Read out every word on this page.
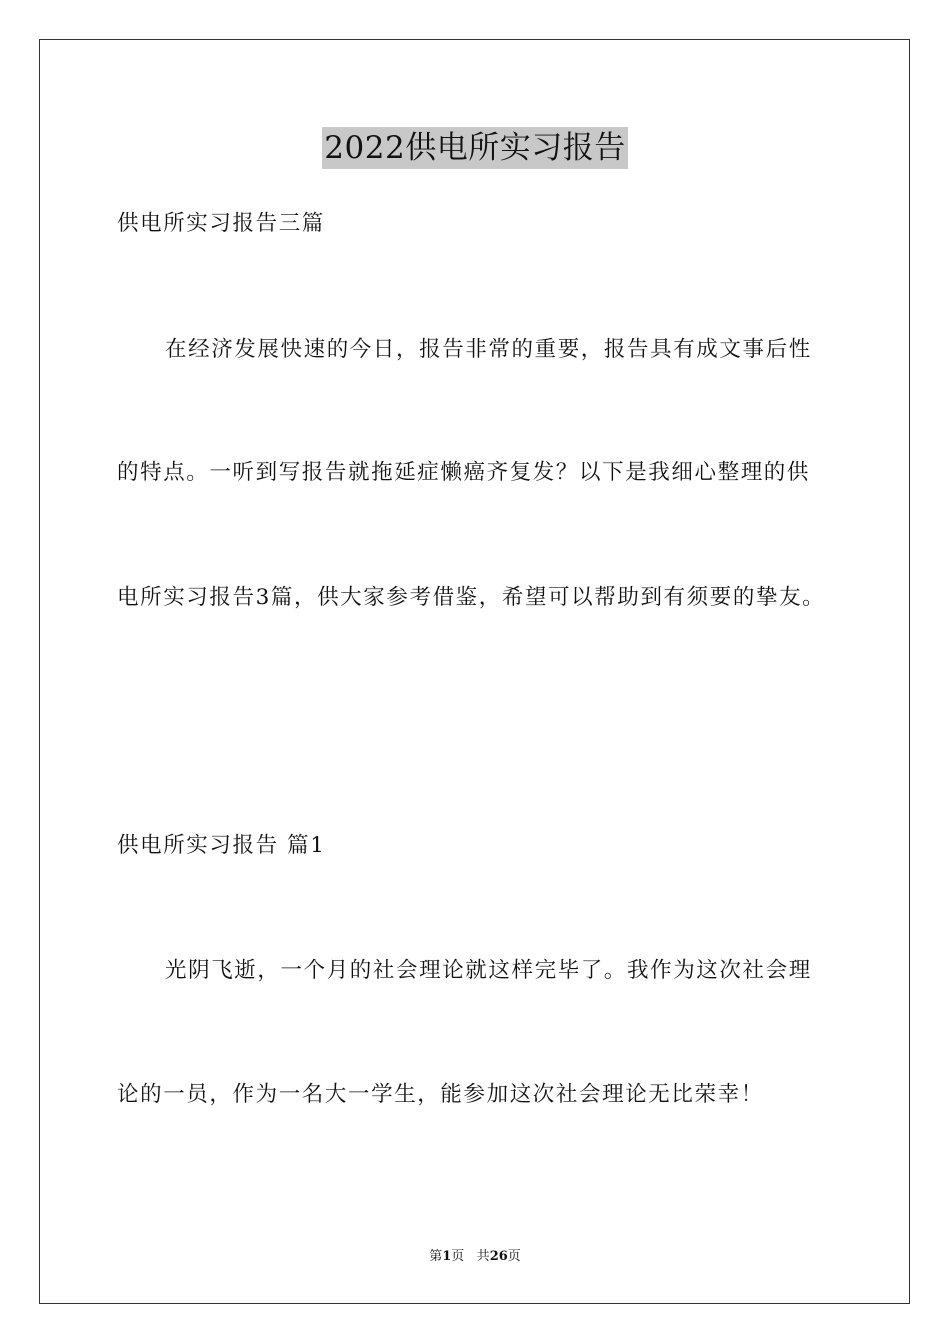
2022供电所实习报告
供电所实习报告三篇
在经济发展快速的今日，报告非常的重要，报告具有成文事后性
的特点。一听到写报告就拖延症懒癌齐复发？以下是我细心整理的供
电所实习报告3篇，供大家参考借鉴，希望可以帮助到有须要的挚友。
供电所实习报告 篇1
光阴飞逝，一个月的社会理论就这样完毕了。我作为这次社会理
论的一员，作为一名大一学生，能参加这次社会理论无比荣幸！
第1页 共26页
